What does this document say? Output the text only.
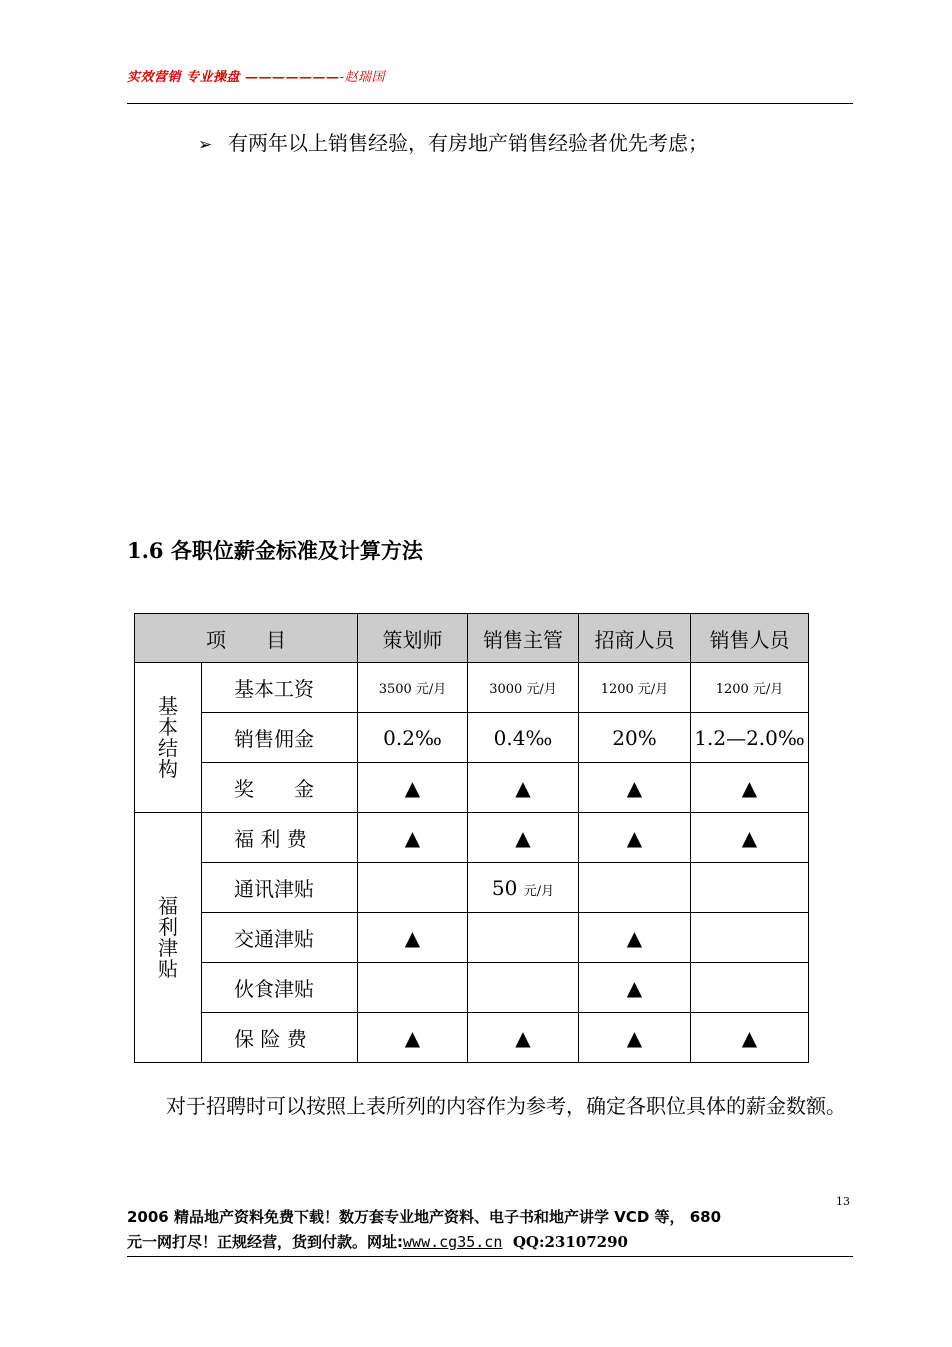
实效营销 专业操盘 ———————-赵瑞国
➢ 有两年以上销售经验，有房地产销售经验者优先考虑；
1.6 各职位薪金标准及计算方法
项　　目		策划师	销售主管	招商人员	销售人员

基
本
结
构	基本工资	3500 元/月	3000 元/月	1200 元/月	1200 元/月
	销售佣金	0.2‰	0.4‰	20%	1.2—2.0‰
	奖　　金	▲	▲	▲	▲

福
利
津
贴	福 利 费	▲	▲	▲	▲
	通讯津贴		50 元/月		
	交通津贴	▲		▲	
	伙食津贴			▲	
	保 险 费	▲	▲	▲	▲
对于招聘时可以按照上表所列的内容作为参考，确定各职位具体的薪金数额。
13
2006 精品地产资料免费下载！数万套专业地产资料、电子书和地产讲学 VCD 等， 680
元一网打尽！正规经营，货到付款。网址:www.cg35.cn QQ:23107290
